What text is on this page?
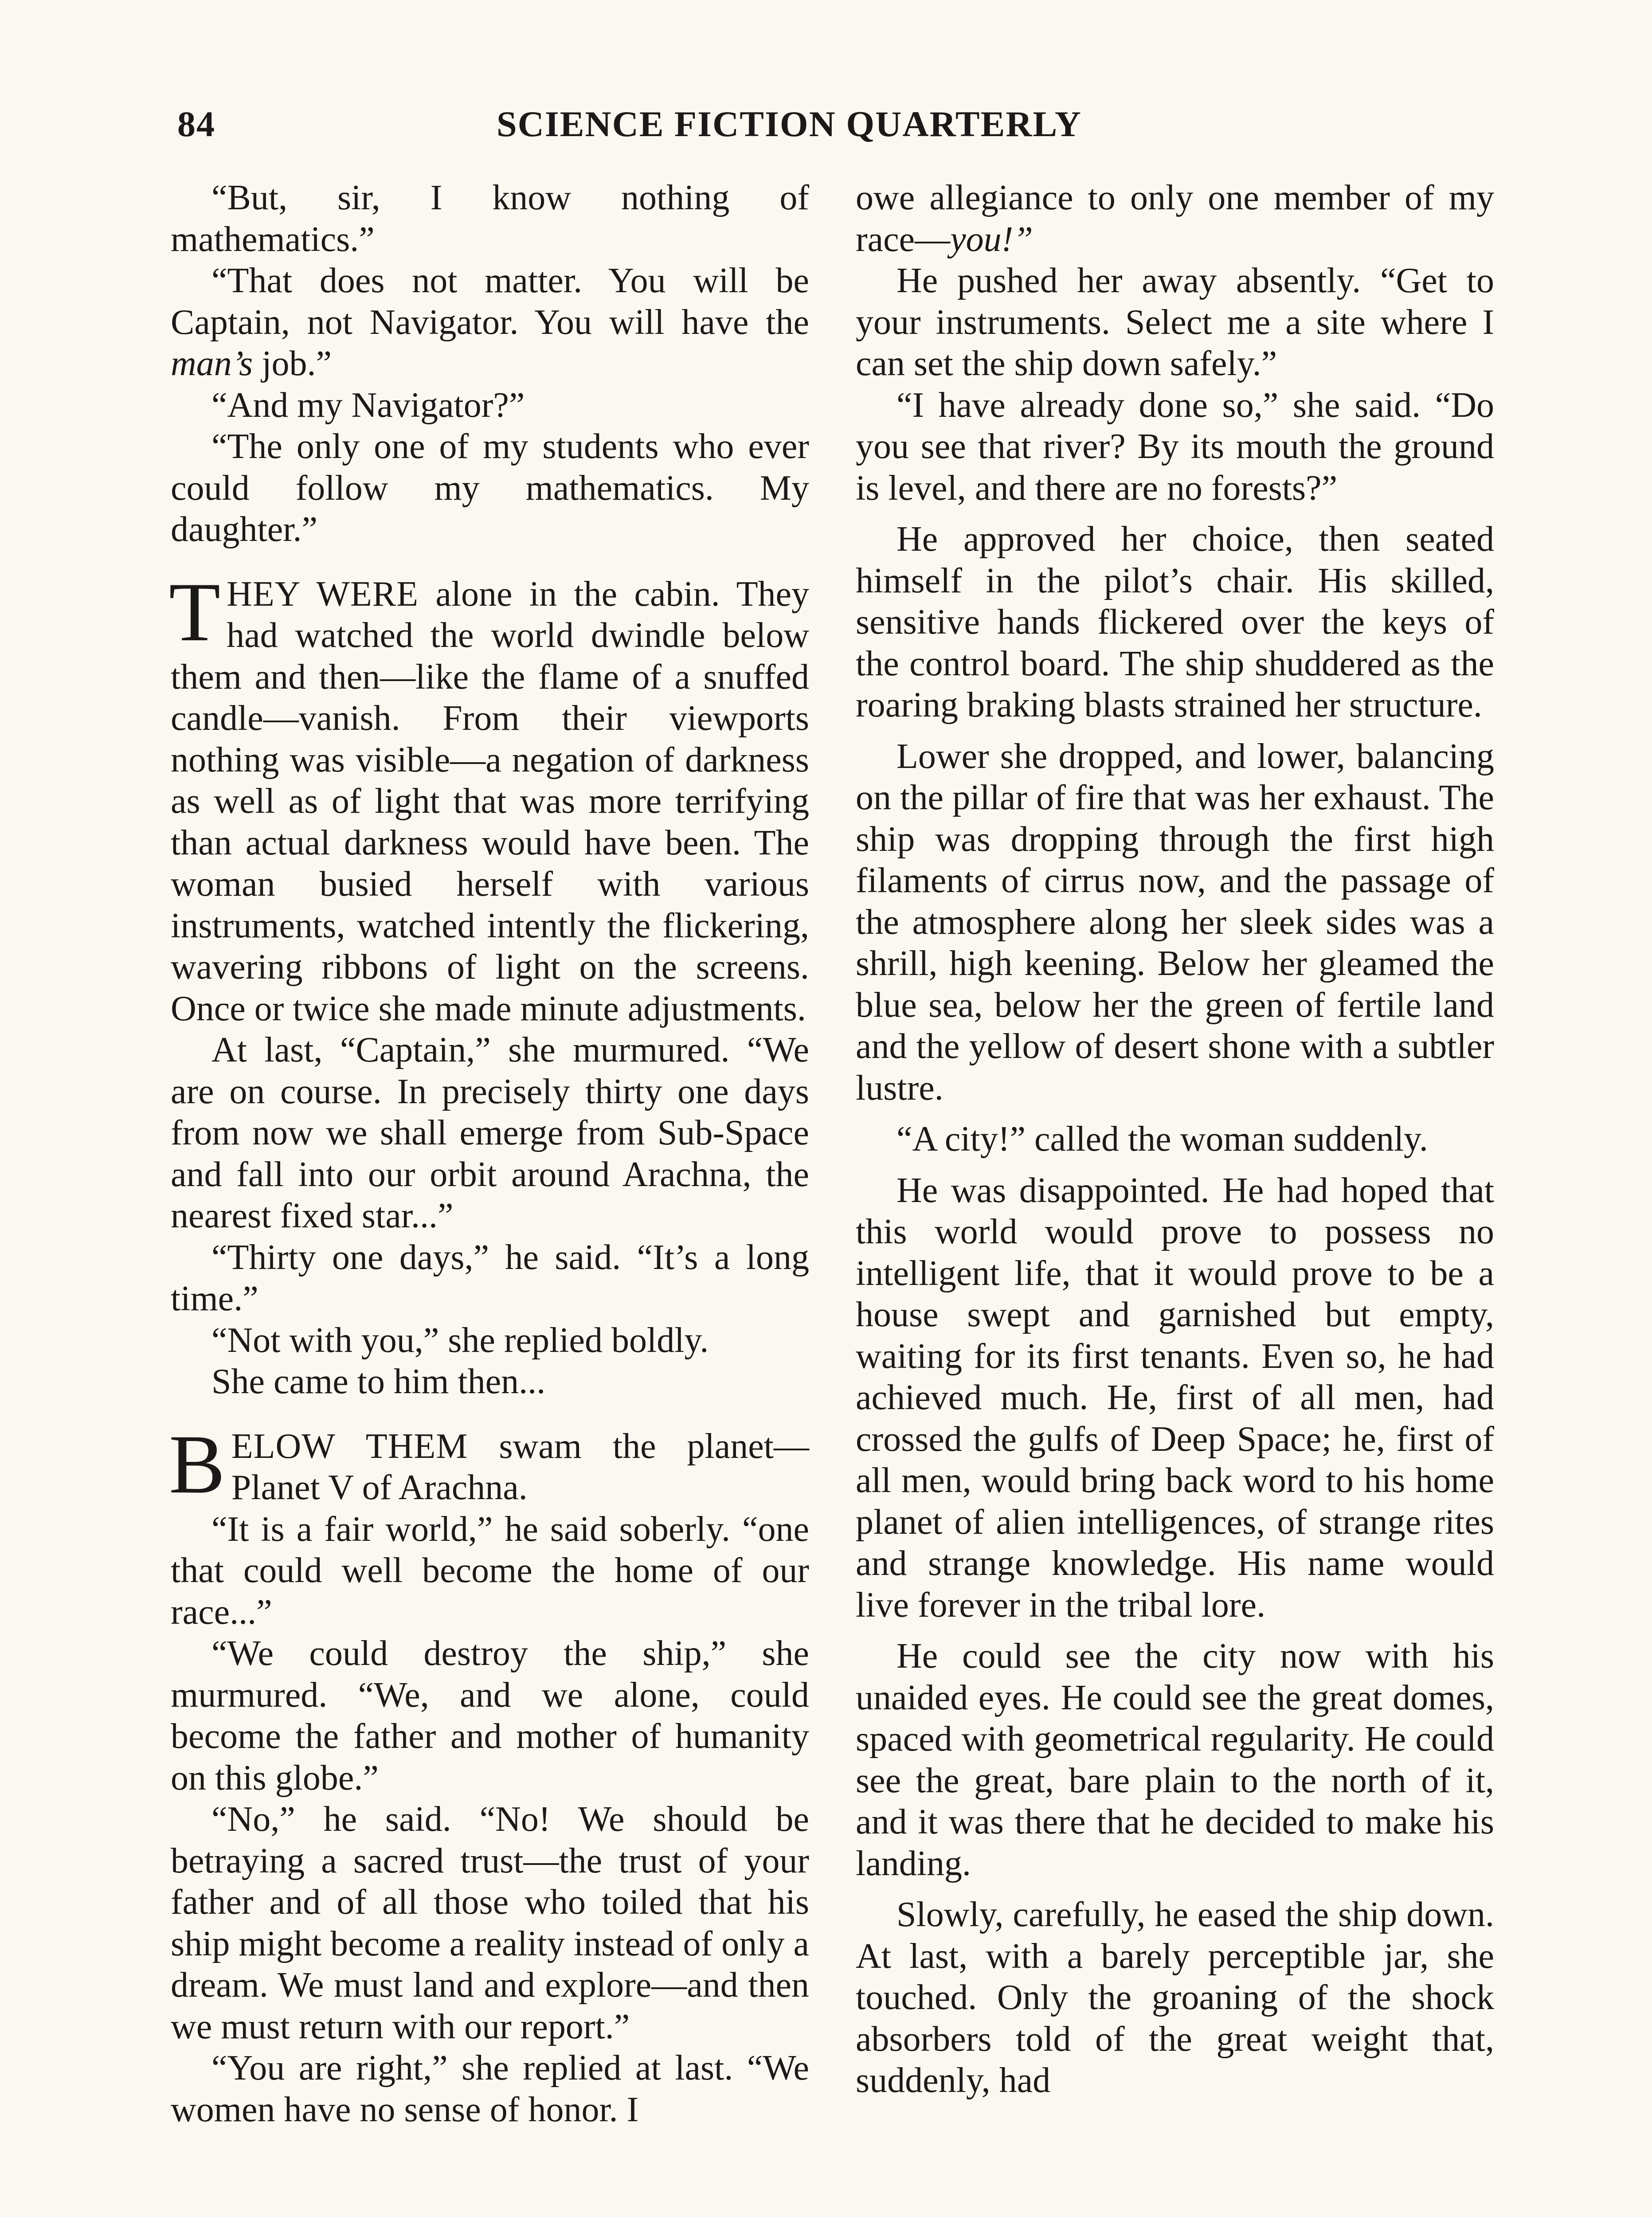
84	SCIENCE FICTION QUARTERLY

“But, sir, I know nothing of mathematics.”

“That does not matter. You will be Captain, not Navigator. You will have the man’s job.”

“And my Navigator?”

“The only one of my students who ever could follow my mathematics. My daughter.”

THEY WERE alone in the cabin. They had watched the world dwindle below them and then—like the flame of a snuffed candle—vanish. From their viewports nothing was visible—a negation of darkness as well as of light that was more terrifying than actual darkness would have been. The woman busied herself with various instruments, watched intently the flickering, wavering ribbons of light on the screens. Once or twice she made minute adjustments.

At last, “Captain,” she murmured. “We are on course. In precisely thirty one days from now we shall emerge from Sub-Space and fall into our orbit around Arachna, the nearest fixed star...”

“Thirty one days,” he said. “It’s a long time.”

“Not with you,” she replied boldly.

She came to him then...

BELOW THEM swam the planet—Planet V of Arachna.

“It is a fair world,” he said soberly. “one that could well become the home of our race...”

“We could destroy the ship,” she murmured. “We, and we alone, could become the father and mother of humanity on this globe.”

“No,” he said. “No! We should be betraying a sacred trust—the trust of your father and of all those who toiled that his ship might become a reality instead of only a dream. We must land and explore—and then we must return with our report.”

“You are right,” she replied at last. “We women have no sense of honor. I

owe allegiance to only one member of my race—you!”

He pushed her away absently. “Get to your instruments. Select me a site where I can set the ship down safely.”

“I have already done so,” she said. “Do you see that river? By its mouth the ground is level, and there are no forests?”

He approved her choice, then seated himself in the pilot’s chair. His skilled, sensitive hands flickered over the keys of the control board. The ship shuddered as the roaring braking blasts strained her structure.

Lower she dropped, and lower, balancing on the pillar of fire that was her exhaust. The ship was dropping through the first high filaments of cirrus now, and the passage of the atmosphere along her sleek sides was a shrill, high keening. Below her gleamed the blue sea, below her the green of fertile land and the yellow of desert shone with a subtler lustre.

“A city!” called the woman suddenly.

He was disappointed. He had hoped that this world would prove to possess no intelligent life, that it would prove to be a house swept and garnished but empty, waiting for its first tenants. Even so, he had achieved much. He, first of all men, had crossed the gulfs of Deep Space; he, first of all men, would bring back word to his home planet of alien intelligences, of strange rites and strange knowledge. His name would live forever in the tribal lore.

He could see the city now with his unaided eyes. He could see the great domes, spaced with geometrical regularity. He could see the great, bare plain to the north of it, and it was there that he decided to make his landing.

Slowly, carefully, he eased the ship down. At last, with a barely perceptible jar, she touched. Only the groaning of the shock absorbers told of the great weight that, suddenly, had
